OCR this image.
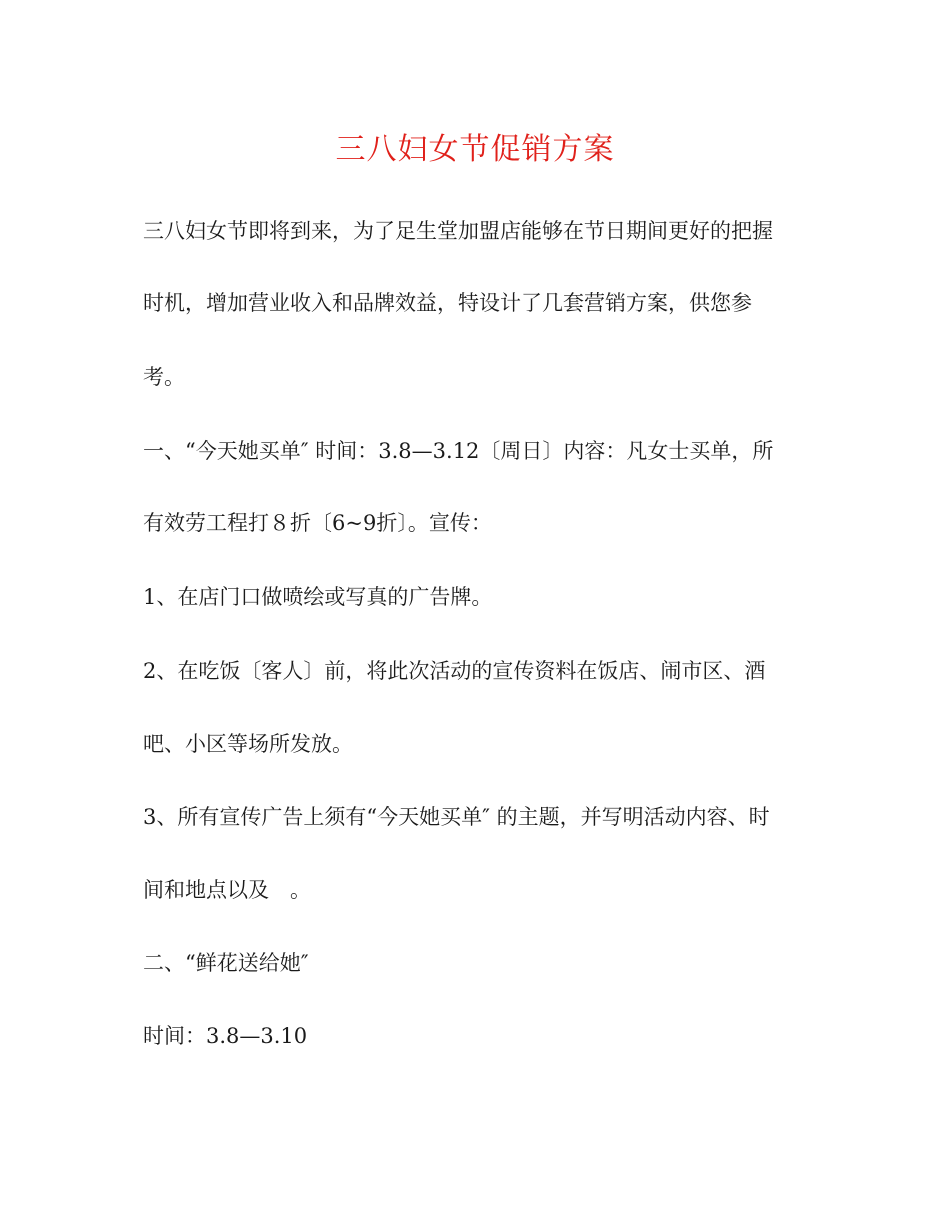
三八妇女节促销方案
三八妇女节即将到来，为了足生堂加盟店能够在节日期间更好的把握
时机，增加营业收入和品牌效益，特设计了几套营销方案，供您参
考。
一、“今天她买单″ 时间：3.8—3.12〔周日〕内容：凡女士买单，所
有效劳工程打８折〔6~9折〕。宣传：
1、在店门口做喷绘或写真的广告牌。
2、在吃饭〔客人〕前，将此次活动的宣传资料在饭店、闹市区、酒
吧、小区等场所发放。
3、所有宣传广告上须有“今天她买单″ 的主题，并写明活动内容、时
间和地点以及　。
二、“鲜花送给她″
时间：3.8—3.10
